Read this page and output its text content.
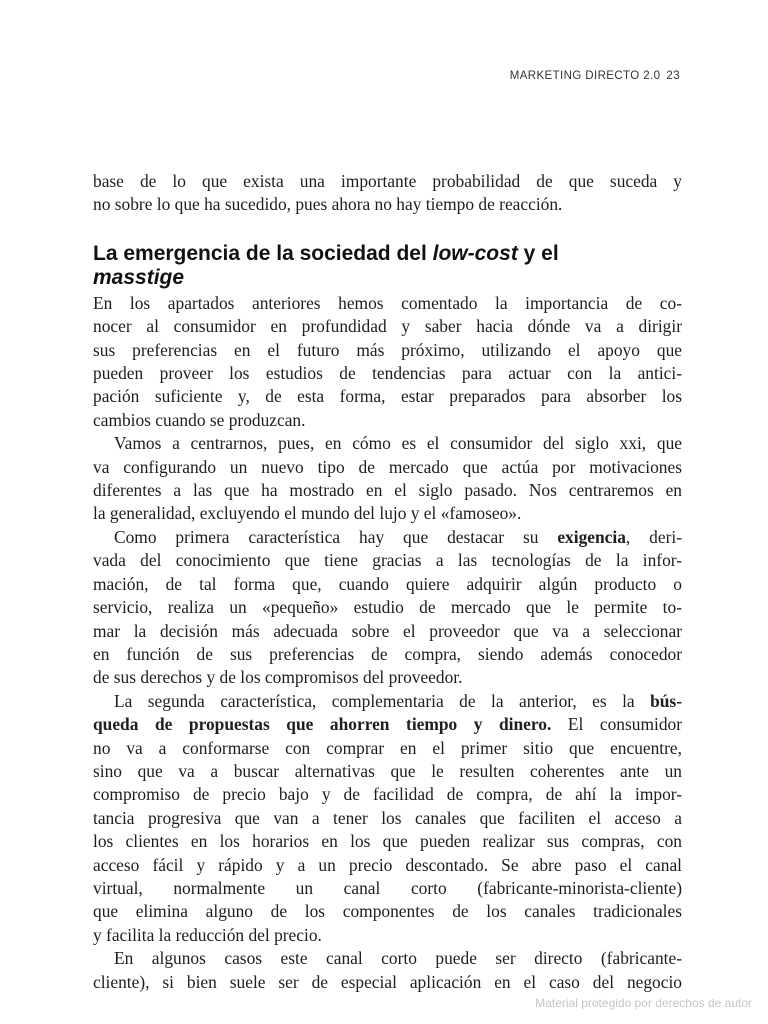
MARKETING DIRECTO 2.0 23

base de lo que exista una importante probabilidad de que suceda y
no sobre lo que ha sucedido, pues ahora no hay tiempo de reacción.

La emergencia de la sociedad del low-cost y el
masstige

En los apartados anteriores hemos comentado la importancia de co-
nocer al consumidor en profundidad y saber hacia dónde va a dirigir
sus preferencias en el futuro más próximo, utilizando el apoyo que
pueden proveer los estudios de tendencias para actuar con la antici-
pación suficiente y, de esta forma, estar preparados para absorber los
cambios cuando se produzcan.

Vamos a centrarnos, pues, en cómo es el consumidor del siglo xxi, que
va configurando un nuevo tipo de mercado que actúa por motivaciones
diferentes a las que ha mostrado en el siglo pasado. Nos centraremos en
la generalidad, excluyendo el mundo del lujo y el «famoseo».

Como primera característica hay que destacar su exigencia, deri-
vada del conocimiento que tiene gracias a las tecnologías de la infor-
mación, de tal forma que, cuando quiere adquirir algún producto o
servicio, realiza un «pequeño» estudio de mercado que le permite to-
mar la decisión más adecuada sobre el proveedor que va a seleccionar
en función de sus preferencias de compra, siendo además conocedor
de sus derechos y de los compromisos del proveedor.

La segunda característica, complementaria de la anterior, es la bús-
queda de propuestas que ahorren tiempo y dinero. El consumidor
no va a conformarse con comprar en el primer sitio que encuentre,
sino que va a buscar alternativas que le resulten coherentes ante un
compromiso de precio bajo y de facilidad de compra, de ahí la impor-
tancia progresiva que van a tener los canales que faciliten el acceso a
los clientes en los horarios en los que pueden realizar sus compras, con
acceso fácil y rápido y a un precio descontado. Se abre paso el canal
virtual, normalmente un canal corto (fabricante-minorista-cliente)
que elimina alguno de los componentes de los canales tradicionales
y facilita la reducción del precio.

En algunos casos este canal corto puede ser directo (fabricante-
cliente), si bien suele ser de especial aplicación en el caso del negocio

Material protegido por derechos de autor
